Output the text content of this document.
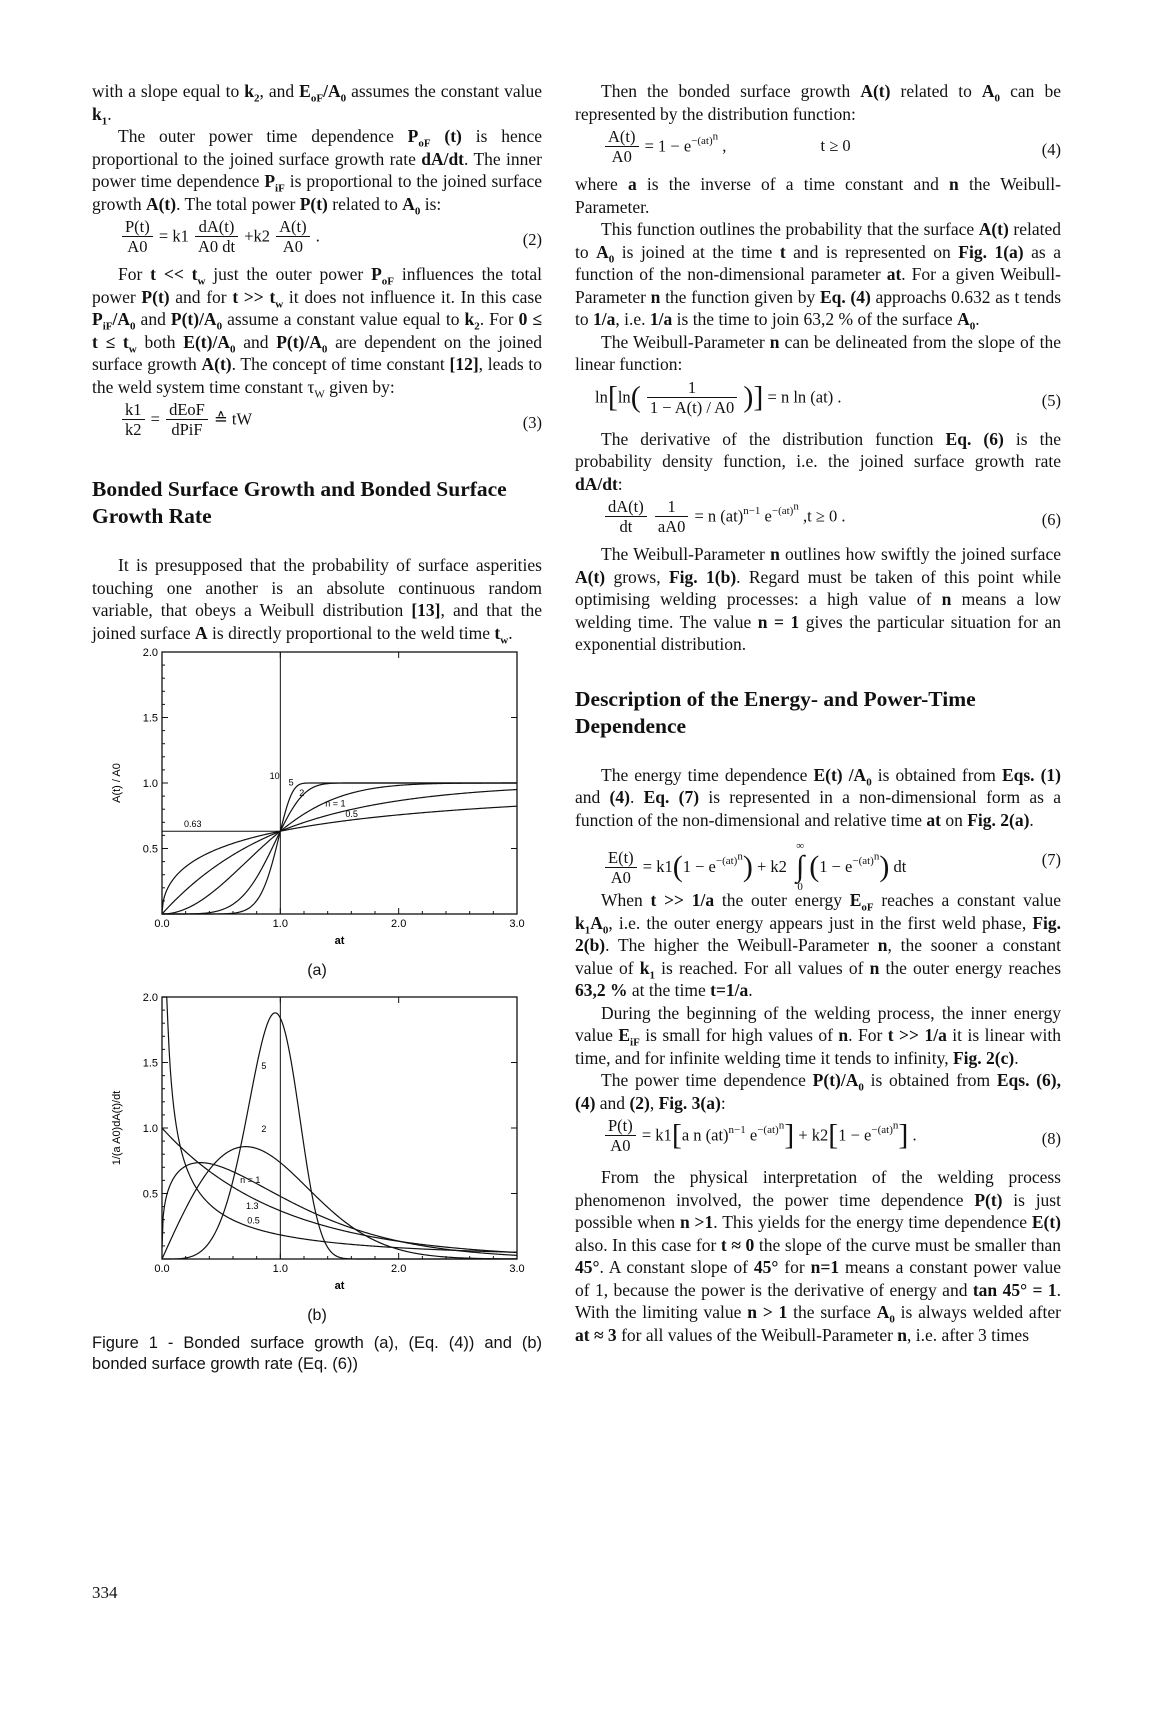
with a slope equal to $k_2$, and $E_{oF}/A_0$ assumes the constant value $k_1$.

The outer power time dependence $P_{oF}$ (t) is hence proportional to the joined surface growth rate dA/dt. The inner power time dependence $P_{iF}$ is proportional to the joined surface growth A(t). The total power P(t) related to $A_0$ is:

$\frac{P(t)}{A0} = k1 \frac{dA(t)}{A0 dt} +k2 \frac{A(t)}{A0}$ .	(2)

For $t << t_w$ just the outer power $P_{oF}$ influences the total power P(t) and for $t >> t_w$ it does not influence it. In this case $P_{iF}/A_0$ and $P(t)/A_0$ assume a constant value equal to $k_2$. For $0 \le t \le t_w$ both $E(t)/A_0$ and $P(t)/A_0$ are dependent on the joined surface growth A(t). The concept of time constant [12], leads to the weld system time constant $\tau_W$ given by:

$\frac{k1}{k2} = \frac{\text{dEoF}}{\text{dPiF}}$ ≙ tW	(3)
Bonded Surface Growth and Bonded Surface Growth Rate

It is presupposed that the probability of surface asperities touching one another is an absolute continuous random variable, that obeys a Weibull distribution [13], and that the joined surface A is directly proportional to the weld time $t_w$.

0.0	1.0	2.0	3.0
0.5
1.0
1.5
2.0
at
A(t) / A0
0.63
10
5
2
n = 1
0.5
(a)
0.0	1.0	2.0	3.0
0.5
1.0
1.5
2.0
at
1/(a A0)dA(t)/dt
5
2
n = 1
1.3
0.5
(b)

Figure 1 - Bonded surface growth (a), (Eq. (4)) and (b) bonded surface growth rate (Eq. (6))

334

Then the bonded surface growth A(t) related to $A_0$ can be represented by the distribution function:

$\frac{A(t)}{A0} = 1 - e^{-(at)^n}$ ,	t ≥ 0	(4)

where a is the inverse of a time constant and n the Weibull-Parameter.

This function outlines the probability that the surface A(t) related to $A_0$ is joined at the time t and is represented on Fig. 1(a) as a function of the non-dimensional parameter at. For a given Weibull-Parameter n the function given by Eq. (4) approachs 0.632 as t tends to 1/a, i.e. 1/a is the time to join 63,2 % of the surface $A_0$.

The Weibull-Parameter n can be delineated from the slope of the linear function:

$\ln[\ln( \frac{1}{1 - A(t) / A0}$ )] = n ln (at) .	(5)

The derivative of the distribution function Eq. (6) is the probability density function, i.e. the joined surface growth rate dA/dt:

$\frac{dA(t)}{dt}$
$\frac{1}{aA0} = n$ (at)$^{n-1}$ $e^{-(at)^n}$ ,t ≥ 0 .	(6)

The Weibull-Parameter n outlines how swiftly the joined surface A(t) grows, Fig. 1(b). Regard must be taken of this point while optimising welding processes: a high value of n means a low welding time. The value n = 1 gives the particular situation for an exponential distribution.

Description of the Energy- and Power-Time Dependence

The energy time dependence E(t) $/A_0$ is obtained from Eqs. (1) and (4). Eq. (7) is represented in a non-dimensional form as a function of the non-dimensional and relative time at on Fig. 2(a).

$\frac{E(t)}{A0} = k1(1 - e^{-(at)^n}) + k2$
∞
∫
0
$(1 - e^{-(at)^n})$ dt	(7)

When t >> 1/a the outer energy $E_{oF}$ reaches a constant value $k_1A_0$, i.e. the outer energy appears just in the first weld phase, Fig. 2(b). The higher the Weibull-Parameter n, the sooner a constant value of $k_1$ is reached. For all values of n the outer energy reaches 63,2 % at the time t=1/a.

During the beginning of the welding process, the inner energy value $E_{iF}$ is small for high values of n. For t >> 1/a it is linear with time, and for infinite welding time it tends to infinity, Fig. 2(c).

The power time dependence $P(t)/A_0$ is obtained from Eqs. (6), (4) and (2), Fig. 3(a):

$\frac{P(t)}{A0} = k1[a$ n (at)$^{n-1}$ $e^{-(at)^n}] + k2[1 - e^{-(at)^n}]$ .	(8)

From the physical interpretation of the welding process phenomenon involved, the power time dependence P(t) is just possible when n >1. This yields for the energy time dependence E(t) also. In this case for t ≈ 0 the slope of the curve must be smaller than 45°. A constant slope of 45° for n=1 means a constant power value of 1, because the power is the derivative of energy and tan 45° = 1. With the limiting value n > 1 the surface $A_0$ is always welded after at ≈ 3 for all values of the Weibull-Parameter n, i.e. after 3 times
